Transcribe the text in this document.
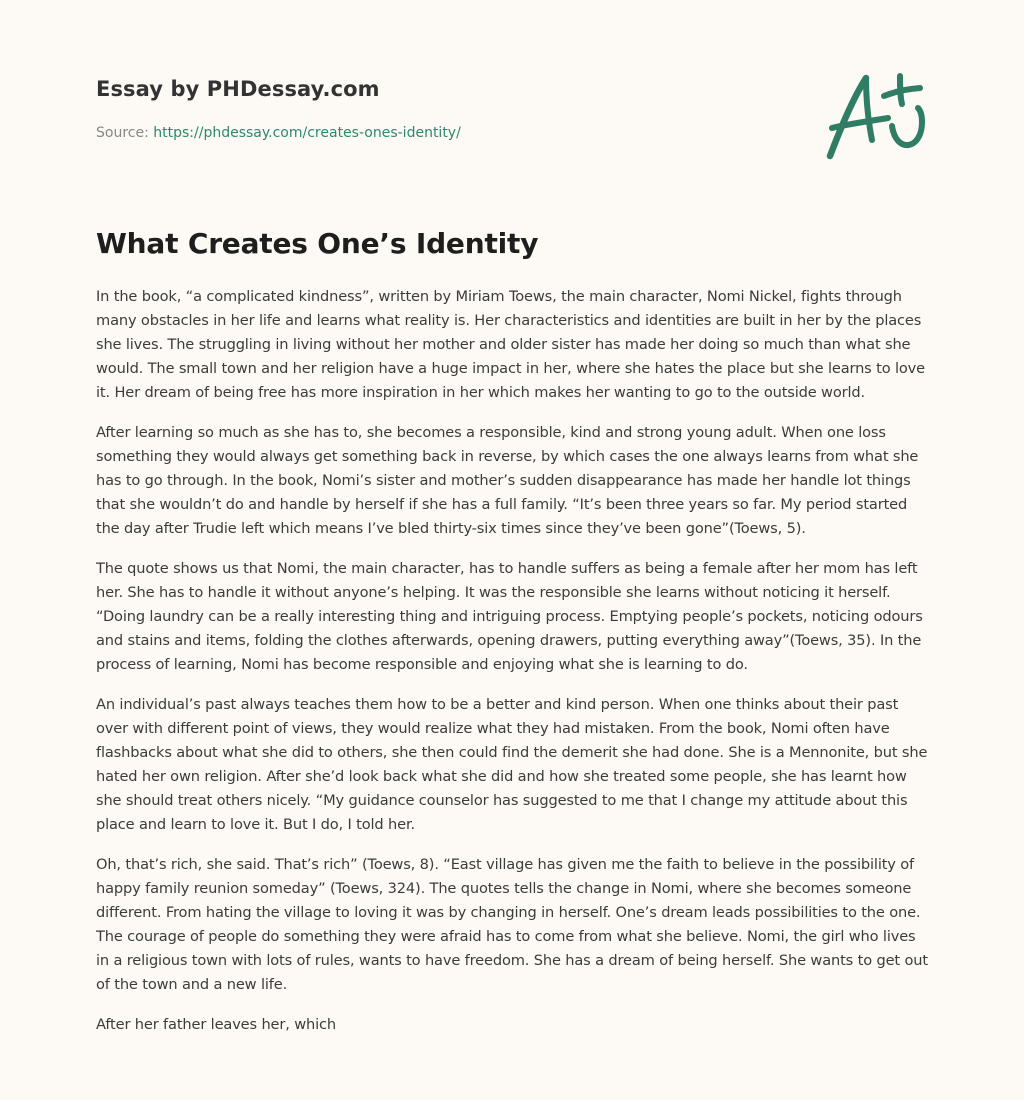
Essay by PHDessay.com
Source: https://phdessay.com/creates-ones-identity/
What Creates One’s Identity

In the book, “a complicated kindness”, written by Miriam Toews, the main character, Nomi Nickel, fights through many obstacles in her life and learns what reality is. Her characteristics and identities are built in her by the places she lives. The struggling in living without her mother and older sister has made her doing so much than what she would. The small town and her religion have a huge impact in her, where she hates the place but she learns to love it. Her dream of being free has more inspiration in her which makes her wanting to go to the outside world.

After learning so much as she has to, she becomes a responsible, kind and strong young adult. When one loss something they would always get something back in reverse, by which cases the one always learns from what she has to go through. In the book, Nomi’s sister and mother’s sudden disappearance has made her handle lot things that she wouldn’t do and handle by herself if she has a full family. “It’s been three years so far. My period started the day after Trudie left which means I’ve bled thirty-six times since they’ve been gone”(Toews, 5).

The quote shows us that Nomi, the main character, has to handle suffers as being a female after her mom has left her. She has to handle it without anyone’s helping. It was the responsible she learns without noticing it herself. “Doing laundry can be a really interesting thing and intriguing process. Emptying people’s pockets, noticing odours and stains and items, folding the clothes afterwards, opening drawers, putting everything away”(Toews, 35). In the process of learning, Nomi has become responsible and enjoying what she is learning to do.

An individual’s past always teaches them how to be a better and kind person. When one thinks about their past over with different point of views, they would realize what they had mistaken. From the book, Nomi often have flashbacks about what she did to others, she then could find the demerit she had done. She is a Mennonite, but she hated her own religion. After she’d look back what she did and how she treated some people, she has learnt how she should treat others nicely. “My guidance counselor has suggested to me that I change my attitude about this place and learn to love it. But I do, I told her.

Oh, that’s rich, she said. That’s rich” (Toews, 8). “East village has given me the faith to believe in the possibility of happy family reunion someday” (Toews, 324). The quotes tells the change in Nomi, where she becomes someone different. From hating the village to loving it was by changing in herself. One’s dream leads possibilities to the one. The courage of people do something they were afraid has to come from what she believe. Nomi, the girl who lives in a religious town with lots of rules, wants to have freedom. She has a dream of being herself. She wants to get out of the town and a new life.

After her father leaves her, which
